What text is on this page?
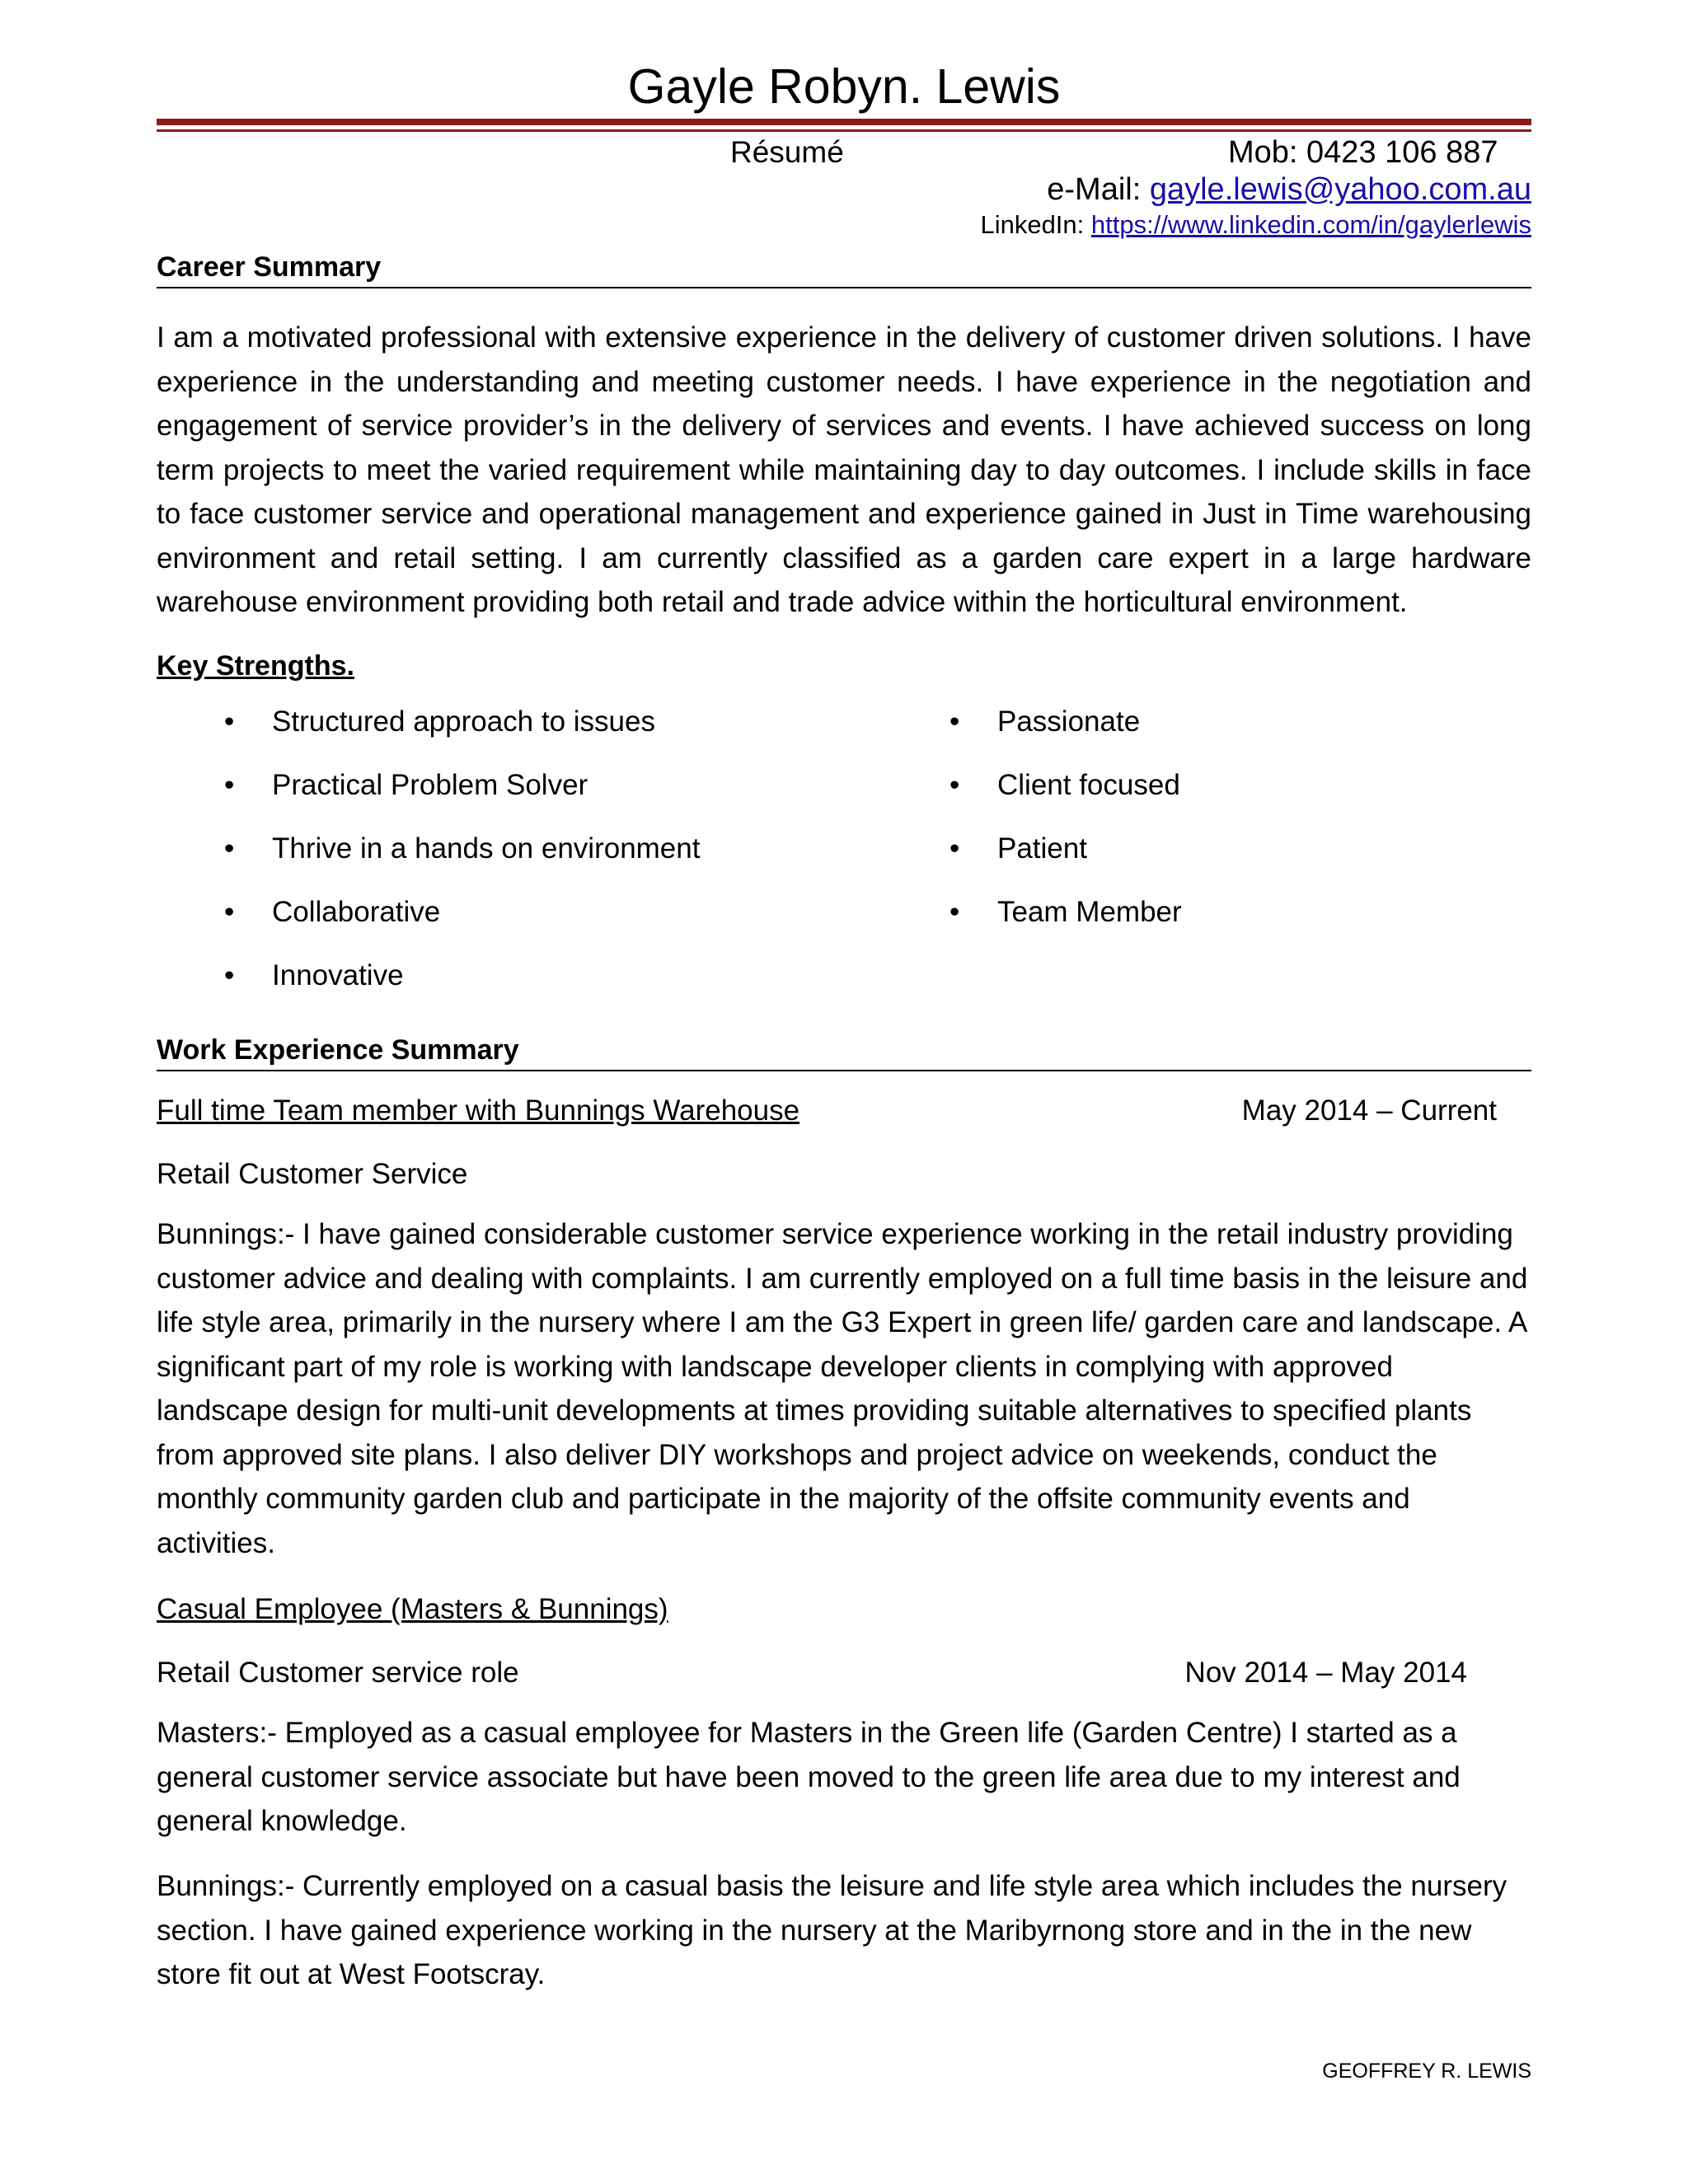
Gayle Robyn. Lewis
Résumé	Mob: 0423 106 887
e-Mail: gayle.lewis@yahoo.com.au
LinkedIn: https://www.linkedin.com/in/gaylerlewis
Career Summary
I am a motivated professional with extensive experience in the delivery of customer driven solutions. I have experience in the understanding and meeting customer needs. I have experience in the negotiation and engagement of service provider’s in the delivery of services and events. I have achieved success on long term projects to meet the varied requirement while maintaining day to day outcomes. I include skills in face to face customer service and operational management and experience gained in Just in Time warehousing environment and retail setting. I am currently classified as a garden care expert in a large hardware warehouse environment providing both retail and trade advice within the horticultural environment.
Key Strengths.
• Structured approach to issues
• Practical Problem Solver
• Thrive in a hands on environment
• Collaborative
• Innovative
• Passionate
• Client focused
• Patient
• Team Member
Work Experience Summary
Full time Team member with Bunnings Warehouse	May 2014 – Current
Retail Customer Service
Bunnings:- I have gained considerable customer service experience working in the retail industry providing customer advice and dealing with complaints. I am currently employed on a full time basis in the leisure and life style area, primarily in the nursery where I am the G3 Expert in green life/ garden care and landscape. A significant part of my role is working with landscape developer clients in complying with approved landscape design for multi-unit developments at times providing suitable alternatives to specified plants from approved site plans. I also deliver DIY workshops and project advice on weekends, conduct the monthly community garden club and participate in the majority of the offsite community events and activities.
Casual Employee (Masters & Bunnings)
Retail Customer service role	Nov 2014 – May 2014
Masters:- Employed as a casual employee for Masters in the Green life (Garden Centre) I started as a general customer service associate but have been moved to the green life area due to my interest and general knowledge.
Bunnings:- Currently employed on a casual basis the leisure and life style area which includes the nursery section. I have gained experience working in the nursery at the Maribyrnong store and in the in the new store fit out at West Footscray.
GEOFFREY R. LEWIS
